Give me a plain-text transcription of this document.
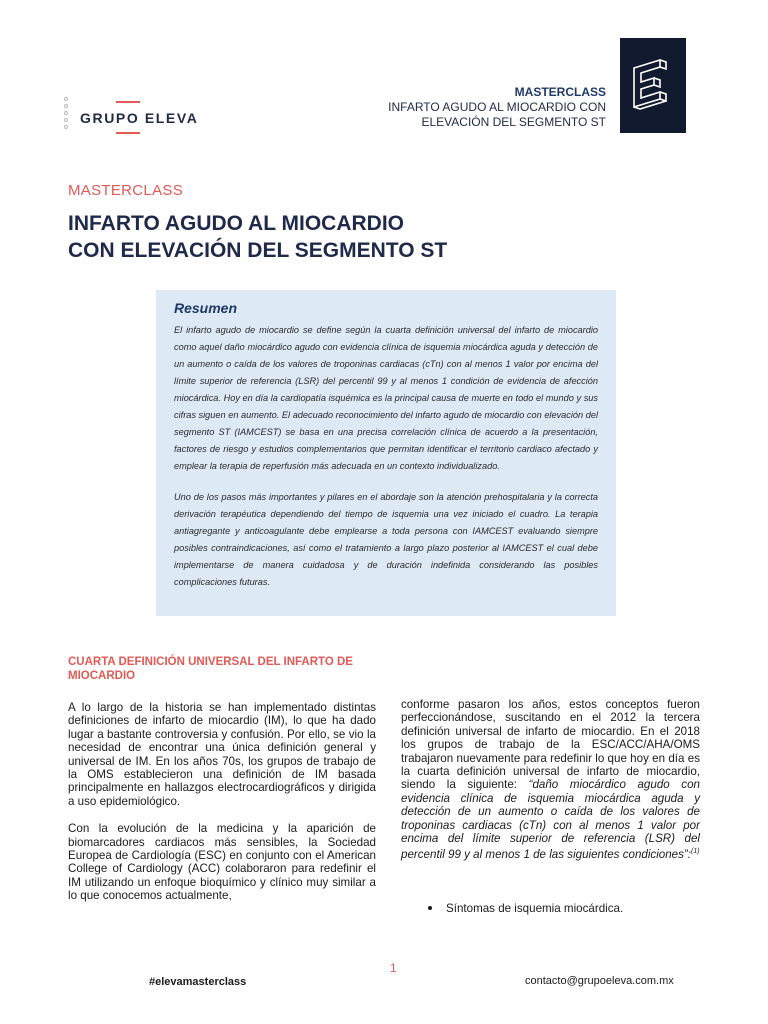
GRUPO ELEVA
MASTERCLASS
INFARTO AGUDO AL MIOCARDIO CON
ELEVACIÓN DEL SEGMENTO ST
MASTERCLASS
INFARTO AGUDO AL MIOCARDIO
CON ELEVACIÓN DEL SEGMENTO ST
Resumen

El infarto agudo de miocardio se define según la cuarta definición universal del infarto de miocardio como aquel daño miocárdico agudo con evidencia clínica de isquemia miocárdica aguda y detección de un aumento o caída de los valores de troponinas cardiacas (cTn) con al menos 1 valor por encima del límite superior de referencia (LSR) del percentil 99 y al menos 1 condición de evidencia de afección miocárdica. Hoy en día la cardiopatía isquémica es la principal causa de muerte en todo el mundo y sus cifras siguen en aumento. El adecuado reconocimiento del infarto agudo de miocardio con elevación del segmento ST (IAMCEST) se basa en una precisa correlación clínica de acuerdo a la presentación, factores de riesgo y estudios complementarios que permitan identificar el territorio cardiaco afectado y emplear la terapia de reperfusión más adecuada en un contexto individualizado.

Uno de los pasos más importantes y pilares en el abordaje son la atención prehospitalaria y la correcta derivación terapéutica dependiendo del tiempo de isquemia una vez iniciado el cuadro. La terapia antiagregante y anticoagulante debe emplearse a toda persona con IAMCEST evaluando siempre posibles contraindicaciones, así como el tratamiento a largo plazo posterior al IAMCEST el cual debe implementarse de manera cuidadosa y de duración indefinida considerando las posibles complicaciones futuras.

CUARTA DEFINICIÓN UNIVERSAL DEL INFARTO DE MIOCARDIO

A lo largo de la historia se han implementado distintas definiciones de infarto de miocardio (IM), lo que ha dado lugar a bastante controversia y confusión. Por ello, se vio la necesidad de encontrar una única definición general y universal de IM. En los años 70s, los grupos de trabajo de la OMS establecieron una definición de IM basada principalmente en hallazgos electrocardiográficos y dirigida a uso epidemiológico.

Con la evolución de la medicina y la aparición de biomarcadores cardiacos más sensibles, la Sociedad Europea de Cardiología (ESC) en conjunto con el American College of Cardiology (ACC) colaboraron para redefinir el IM utilizando un enfoque bioquímico y clínico muy similar a lo que conocemos actualmente,

conforme pasaron los años, estos conceptos fueron perfeccionándose, suscitando en el 2012 la tercera definición universal de infarto de miocardio. En el 2018 los grupos de trabajo de la ESC/ACC/AHA/OMS trabajaron nuevamente para redefinir lo que hoy en día es la cuarta definición universal de infarto de miocardio, siendo la siguiente: “daño miocárdico agudo con evidencia clínica de isquemia miocárdica aguda y detección de un aumento o caída de los valores de troponinas cardiacas (cTn) con al menos 1 valor por encima del límite superior de referencia (LSR) del percentil 99 y al menos 1 de las siguientes condiciones”:$^{(1)}$

Síntomas de isquemia miocárdica.
1
#elevamasterclass	contacto@grupoeleva.com.mx
